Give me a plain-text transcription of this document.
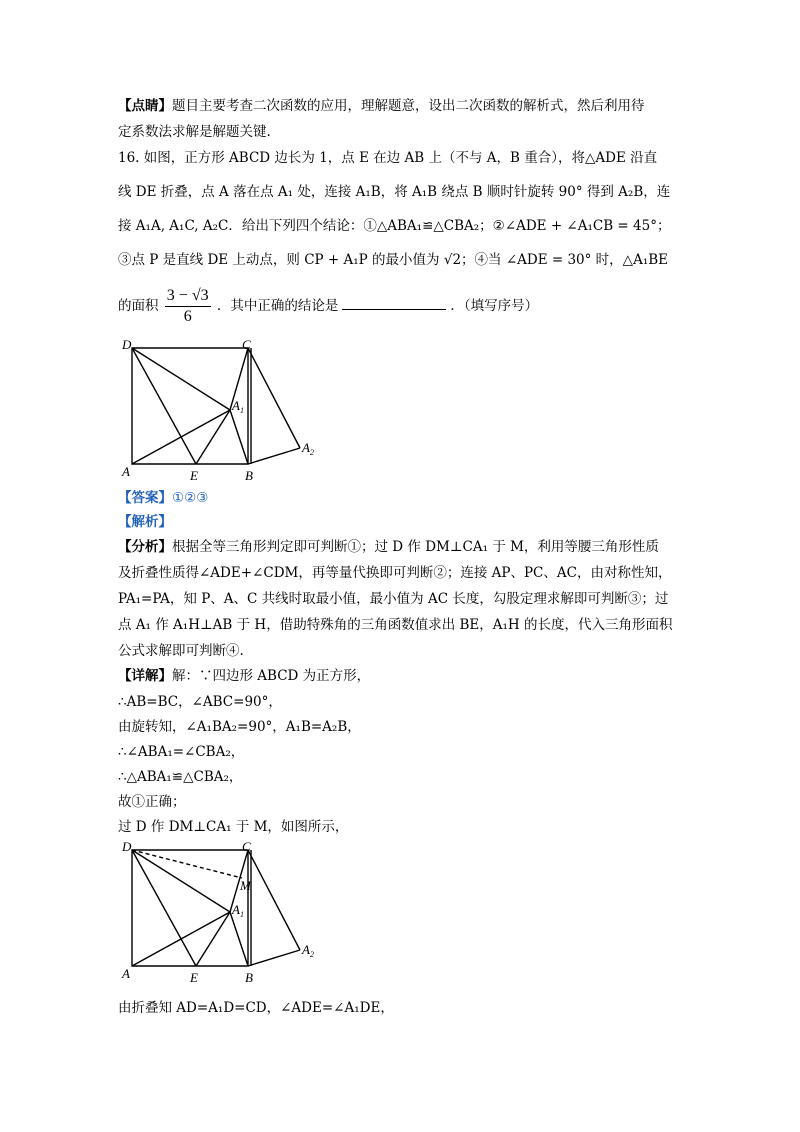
【点睛】题目主要考查二次函数的应用，理解题意，设出二次函数的解析式，然后利用待
定系数法求解是解题关键.
16. 如图，正方形 ABCD 边长为 1，点 E 在边 AB 上（不与 A，B 重合），将△ADE 沿直
线 DE 折叠，点 A 落在点 A₁ 处，连接 A₁B，将 A₁B 绕点 B 顺时针旋转 90° 得到 A₂B，连
接 A₁A, A₁C, A₂C．给出下列四个结论：①△ABA₁≌△CBA₂；②∠ADE + ∠A₁CB = 45°；
③点 P 是直线 DE 上动点，则 CP + A₁P 的最小值为 √2；④当 ∠ADE = 30° 时，△A₁BE
的面积 $\frac{3 - √3}{6}$ ．其中正确的结论是	．（填写序号）
D	C
A	E	B
$A_1$
$A_2$
【答案】①②③
【解析】
【分析】根据全等三角形判定即可判断①；过 D 作 DM⊥CA₁ 于 M，利用等腰三角形性质
及折叠性质得∠ADE+∠CDM，再等量代换即可判断②；连接 AP、PC、AC，由对称性知，
PA₁=PA，知 P、A、C 共线时取最小值，最小值为 AC 长度，勾股定理求解即可判断③；过
点 A₁ 作 A₁H⊥AB 于 H，借助特殊角的三角函数值求出 BE，A₁H 的长度，代入三角形面积
公式求解即可判断④.
【详解】解：∵四边形 ABCD 为正方形，
∴AB=BC，∠ABC=90°，
由旋转知，∠A₁BA₂=90°，A₁B=A₂B，
∴∠ABA₁=∠CBA₂，
∴△ABA₁≌△CBA₂，
故①正确；
过 D 作 DM⊥CA₁ 于 M，如图所示，
D	C
M
A	E	B
$A_1$
$A_2$
由折叠知 AD=A₁D=CD，∠ADE=∠A₁DE，
